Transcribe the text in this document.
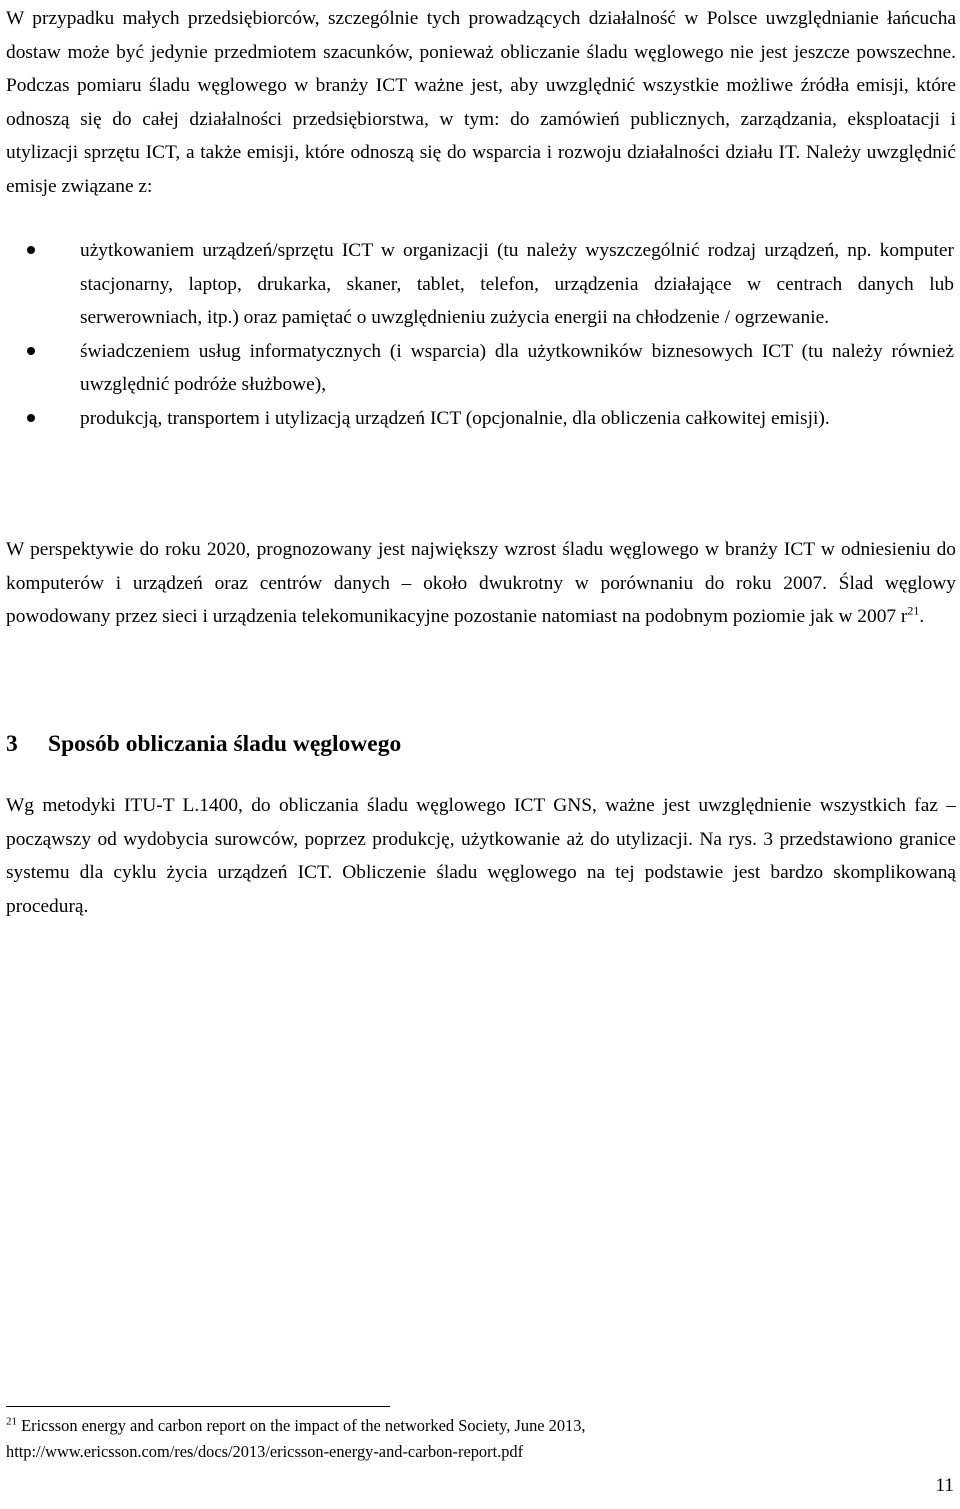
W przypadku małych przedsiębiorców, szczególnie tych prowadzących działalność w Polsce uwzględnianie łańcucha dostaw może być jedynie przedmiotem szacunków, ponieważ obliczanie śladu węglowego nie jest jeszcze powszechne.Podczas pomiaru śladu węglowego w branży ICT ważne jest, aby uwzględnić wszystkie możliwe źródła emisji, które odnoszą się do całej działalności przedsiębiorstwa, w tym: do zamówień publicznych, zarządzania, eksploatacji i utylizacji sprzętu ICT, a także emisji, które odnoszą się do wsparcia i rozwoju działalności działu IT. Należy uwzględnić emisje związane z:

użytkowaniem urządzeń/sprzętu ICT w organizacji (tu należy wyszczególnić rodzaj urządzeń, np. komputer stacjonarny, laptop, drukarka, skaner, tablet, telefon, urządzenia działające w centrach danych lub serwerowniach, itp.) oraz pamiętać o uwzględnieniu zużycia energii na chłodzenie / ogrzewanie.
świadczeniem usług informatycznych (i wsparcia) dla użytkowników biznesowych ICT (tu należy również uwzględnić podróże służbowe),
produkcją, transportem i utylizacją urządzeń ICT (opcjonalnie, dla obliczenia całkowitej emisji).

W perspektywie do roku 2020, prognozowany jest największy wzrost śladu węglowego w branży ICT w odniesieniu do komputerów i urządzeń oraz centrów danych – około dwukrotny w porównaniu do roku 2007. Ślad węglowy powodowany przez sieci i urządzenia telekomunikacyjne pozostanie natomiast na podobnym poziomie jak w 2007 $r^{21}$.

3 Sposób obliczania śladu węglowego

Wg metodyki ITU-T L.1400, do obliczania śladu węglowego ICT GNS, ważne jest uwzględnienie wszystkich faz – począwszy od wydobycia surowców, poprzez produkcję, użytkowanie aż do utylizacji. Na rys. 3 przedstawiono granice systemu dla cyklu życia urządzeń ICT. Obliczenie śladu węglowego na tej podstawie jest bardzo skomplikowaną procedurą.

$^{21}$ Ericsson energy and carbon report on the impact of the networked Society, June 2013,
http://www.ericsson.com/res/docs/2013/ericsson-energy-and-carbon-report.pdf

11
